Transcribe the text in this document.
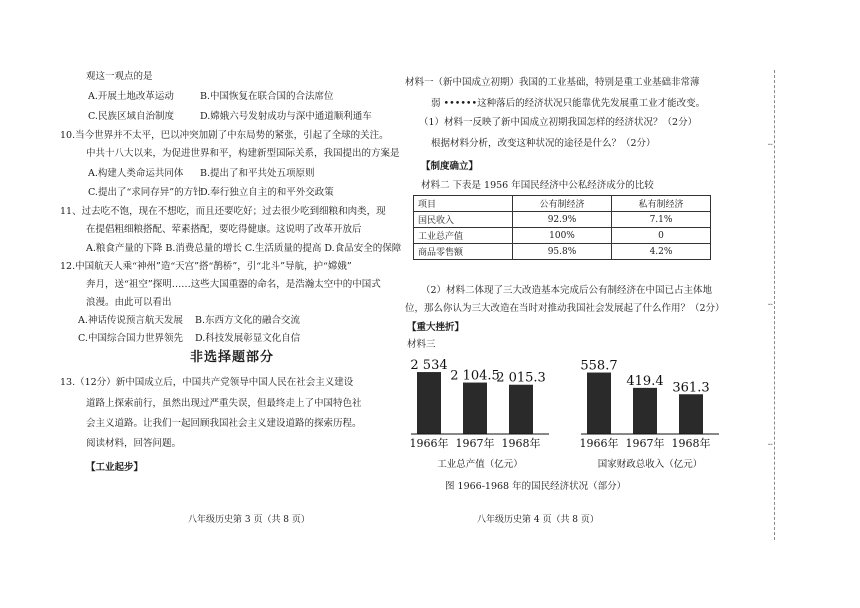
观这一观点的是
A.开展土地改革运动	B.中国恢复在联合国的合法席位
C.民族区域自治制度	D.嫦娥六号发射成功与深中通道顺利通车
10.当今世界并不太平，巴以冲突加剧了中东局势的紧张，引起了全球的关注。
中共十八大以来，为促进世界和平，构建新型国际关系，我国提出的方案是
A.构建人类命运共同体 B.提出了和平共处五项原则
C.提出了“求同存异”的方针
D.奉行独立自主的和平外交政策
11、过去吃不饱，现在不想吃，而且还要吃好；过去很少吃到细粮和肉类，现
在提倡粗细粮搭配、荤素搭配，要吃得健康。这说明了改革开放后
A.粮食产量的下降 B.消费总量的增长 C.生活质量的提高 D.食品安全的保障
12.中国航天人乘“神州”造“天宫”搭“鹊桥”，引“北斗”导航，护“嫦娥”
奔月，送“祖空”探明……这些大国重器的命名，是浩瀚太空中的中国式
浪漫。由此可以看出
A.神话传说预言航天发展 B.东西方文化的融合交流
C.中国综合国力世界领先 D.科技发展彰显文化自信
非选择题部分
13.（12分）新中国成立后，中国共产党领导中国人民在社会主义建设
道路上探索前行，虽然出现过严重失误，但最终走上了中国特色社
会主义道路。让我们一起回顾我国社会主义建设道路的探索历程。
阅读材料，回答问题。
【工业起步】
八年级历史第 3 页（共 8 页）
材料一（新中国成立初期）我国的工业基础，特别是重工业基础非常薄
弱 ••••••这种落后的经济状况只能靠优先发展重工业才能改变。
（1）材料一反映了新中国成立初期我国怎样的经济状况？（2分）
根据材料分析，改变这种状况的途径是什么？（2分）
【制度确立】
材料二 下表是 1956 年国民经济中公私经济成分的比较
项目	公有制经济	私有制经济
国民收入	92.9%	7.1%
工业总产值	100%	0
商品零售额	95.8%	4.2%
（2）材料二体现了三大改造基本完成后公有制经济在中国已占主体地
位，那么你认为三大改造在当时对推动我国社会发展起了什么作用？（2分）
【重大挫折】
材料三
2 534
1966年
2 104.5
1967年
2 015.3
1968年
工业总产值（亿元）
558.7
1966年
419.4
1967年
361.3
1968年
国家财政总收入（亿元）
图 1966-1968 年的国民经济状况（部分）
八年级历史第 4 页（共 8 页）
╌
╌
╌
